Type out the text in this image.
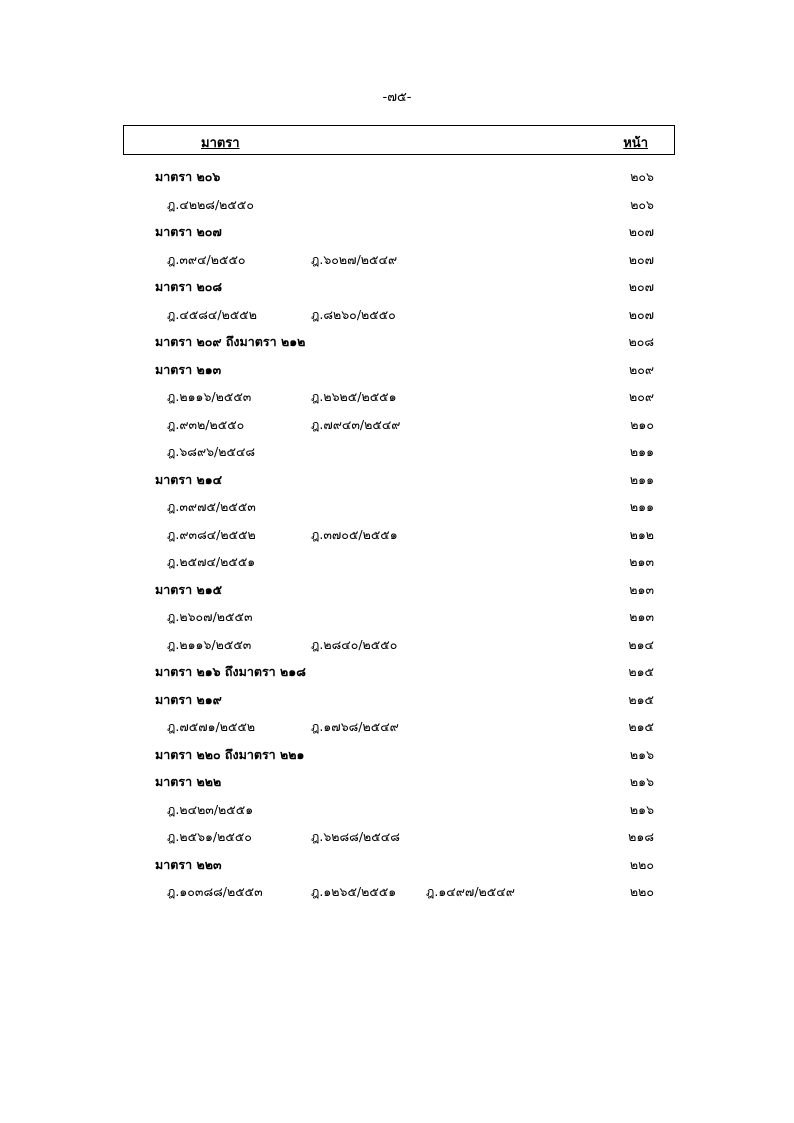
-๗๕-
มาตรา	หน้า
มาตรา ๒๐๖	๒๐๖
ฎ.๔๒๒๘/๒๕๕๐	๒๐๖
มาตรา ๒๐๗	๒๐๗
ฎ.๓๙๔/๒๕๕๐	ฎ.๖๐๒๗/๒๕๔๙	๒๐๗
มาตรา ๒๐๘	๒๐๗
ฎ.๔๕๘๔/๒๕๕๒	ฎ.๘๒๖๐/๒๕๕๐	๒๐๗
มาตรา ๒๐๙ ถึงมาตรา ๒๑๒	๒๐๘
มาตรา ๒๑๓	๒๐๙
ฎ.๒๑๑๖/๒๕๕๓	ฎ.๒๖๒๕/๒๕๕๑	๒๐๙
ฎ.๙๓๒/๒๕๕๐	ฎ.๗๙๔๓/๒๕๔๙	๒๑๐
ฎ.๖๘๙๖/๒๕๔๘	๒๑๑
มาตรา ๒๑๔	๒๑๑
ฎ.๓๙๗๕/๒๕๕๓	๒๑๑
ฎ.๙๓๘๔/๒๕๕๒	ฎ.๓๗๐๕/๒๕๕๑	๒๑๒
ฎ.๒๕๗๔/๒๕๕๑	๒๑๓
มาตรา ๒๑๕	๒๑๓
ฎ.๒๖๐๗/๒๕๕๓	๒๑๓
ฎ.๒๑๑๖/๒๕๕๓	ฎ.๒๘๔๐/๒๕๕๐	๒๑๔
มาตรา ๒๑๖ ถึงมาตรา ๒๑๘	๒๑๕
มาตรา ๒๑๙	๒๑๕
ฎ.๗๕๗๑/๒๕๕๒	ฎ.๑๗๖๘/๒๕๔๙	๒๑๕
มาตรา ๒๒๐ ถึงมาตรา ๒๒๑	๒๑๖
มาตรา ๒๒๒	๒๑๖
ฎ.๒๔๒๓/๒๕๕๑	๒๑๖
ฎ.๒๕๖๑/๒๕๕๐	ฎ.๖๒๘๘/๒๕๔๘	๒๑๘
มาตรา ๒๒๓	๒๒๐
ฎ.๑๐๓๘๘/๒๕๕๓	ฎ.๑๒๖๕/๒๕๕๑ ฎ.๑๔๙๗/๒๕๔๙	๒๒๐
